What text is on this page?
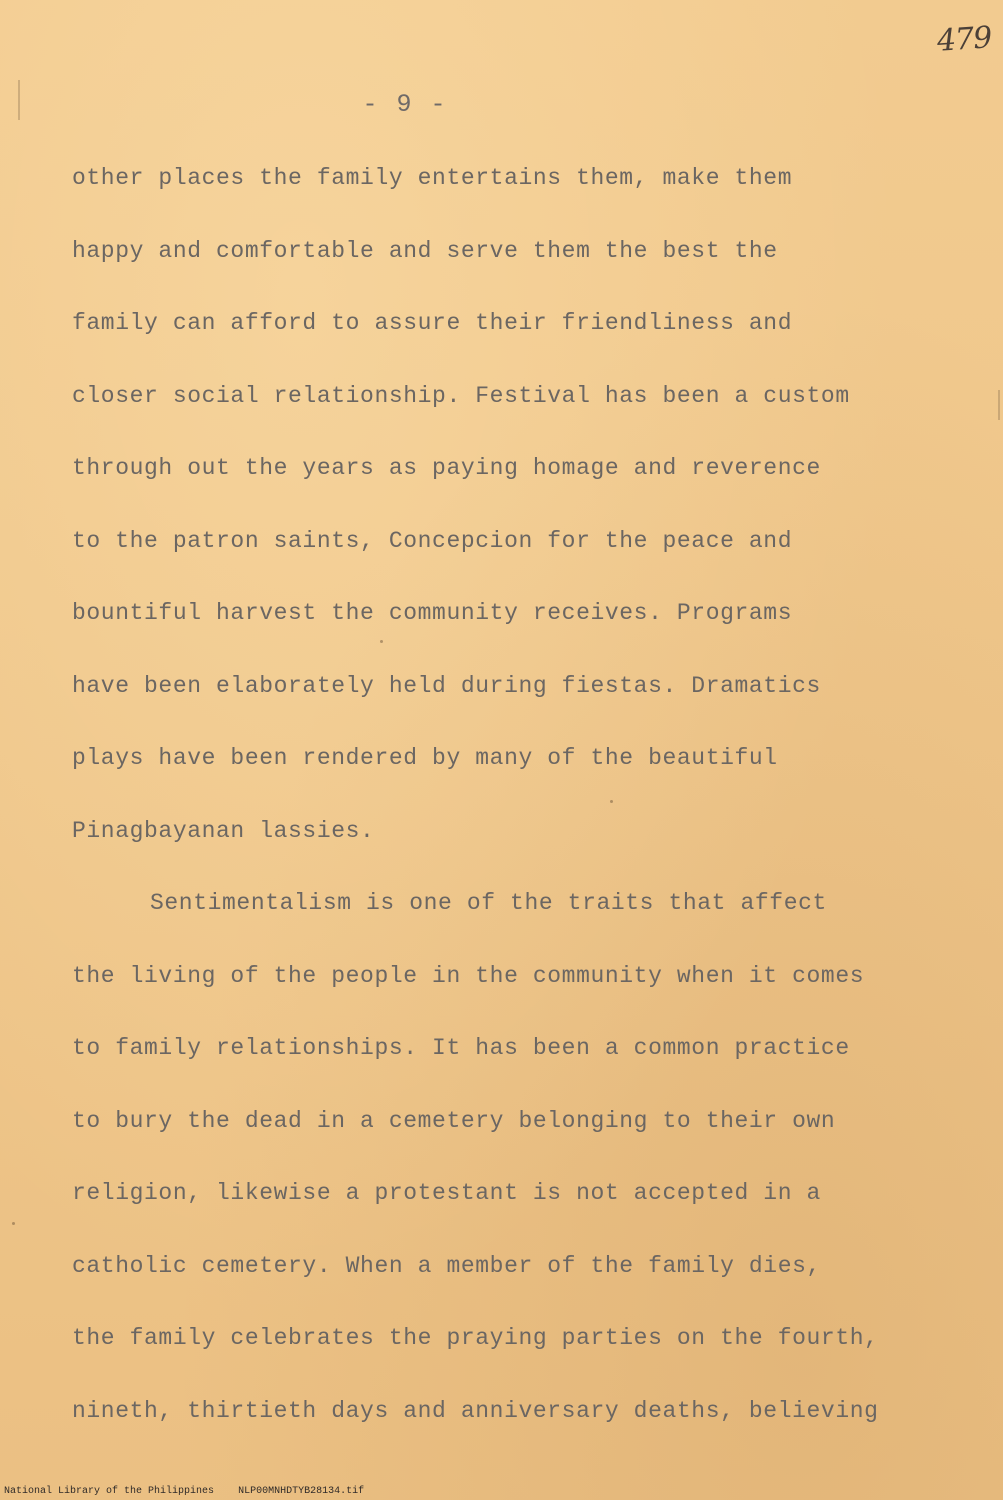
479
- 9 -
other places the family entertains them, make them
happy and comfortable and serve them the best the
family can afford to assure their friendliness and
closer social relationship. Festival has been a custom
through out the years as paying homage and reverence
to the patron saints, Concepcion for the peace and
bountiful harvest the community receives. Programs
have been elaborately held during fiestas. Dramatics
plays have been rendered by many of the beautiful
Pinagbayanan lassies.
Sentimentalism is one of the traits that affect
the living of the people in the community when it comes
to family relationships. It has been a common practice
to bury the dead in a cemetery belonging to their own
religion, likewise a protestant is not accepted in a
catholic cemetery. When a member of the family dies,
the family celebrates the praying parties on the fourth,
nineth, thirtieth days and anniversary deaths, believing
National Library of the Philippines NLP00MNHDTYB28134.tif
